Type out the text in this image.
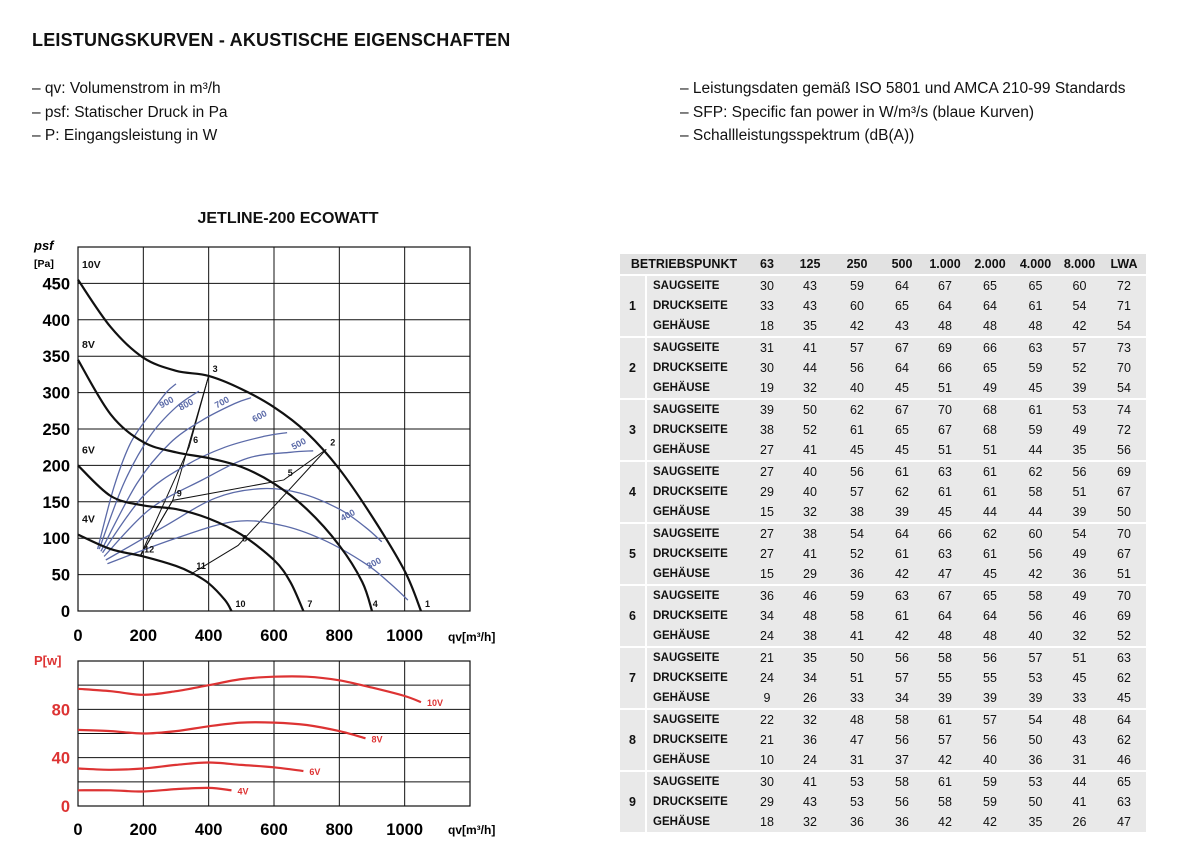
LEISTUNGSKURVEN - AKUSTISCHE EIGENSCHAFTEN
– qv: Volumenstrom in m³/h
– psf: Statischer Druck in Pa
– P: Eingangsleistung in W
– Leistungsdaten gemäß ISO 5801 und AMCA 210-99 Standards
– SFP: Specific fan power in W/m³/s (blaue Kurven)
– Schallleistungsspektrum (dB(A))
JETLINE-200 ECOWATT
0	200 400 600 800 1000
0
50
100
150
200
250
300
350
400
450
900 800 700
600
500
400
300
10V
8V
6V
4V
1
2
3
4
5
6
7
8
9
10
11
12
0	200 400 600 800 1000
0
40
80	10V
8V
6V
4V
psf
[Pa]
qv[m³/h]
P[w]
qv[m³/h]
BETRIEBSPUNKT		63	125	250	500	1.000	2.000	4.000	8.000	LWA
1	SAUGSEITE	30	43	59	64	67	65	65	60	72
	DRUCKSEITE	33	43	60	65	64	64	61	54	71
	GEHÄUSE	18	35	42	43	48	48	48	42	54
2	SAUGSEITE	31	41	57	67	69	66	63	57	73
	DRUCKSEITE	30	44	56	64	66	65	59	52	70
	GEHÄUSE	19	32	40	45	51	49	45	39	54
3	SAUGSEITE	39	50	62	67	70	68	61	53	74
	DRUCKSEITE	38	52	61	65	67	68	59	49	72
	GEHÄUSE	27	41	45	45	51	51	44	35	56
4	SAUGSEITE	27	40	56	61	63	61	62	56	69
	DRUCKSEITE	29	40	57	62	61	61	58	51	67
	GEHÄUSE	15	32	38	39	45	44	44	39	50
5	SAUGSEITE	27	38	54	64	66	62	60	54	70
	DRUCKSEITE	27	41	52	61	63	61	56	49	67
	GEHÄUSE	15	29	36	42	47	45	42	36	51
6	SAUGSEITE	36	46	59	63	67	65	58	49	70
	DRUCKSEITE	34	48	58	61	64	64	56	46	69
	GEHÄUSE	24	38	41	42	48	48	40	32	52
7	SAUGSEITE	21	35	50	56	58	56	57	51	63
	DRUCKSEITE	24	34	51	57	55	55	53	45	62
	GEHÄUSE	9	26	33	34	39	39	39	33	45
8	SAUGSEITE	22	32	48	58	61	57	54	48	64
	DRUCKSEITE	21	36	47	56	57	56	50	43	62
	GEHÄUSE	10	24	31	37	42	40	36	31	46
9	SAUGSEITE	30	41	53	58	61	59	53	44	65
	DRUCKSEITE	29	43	53	56	58	59	50	41	63
	GEHÄUSE	18	32	36	36	42	42	35	26	47
